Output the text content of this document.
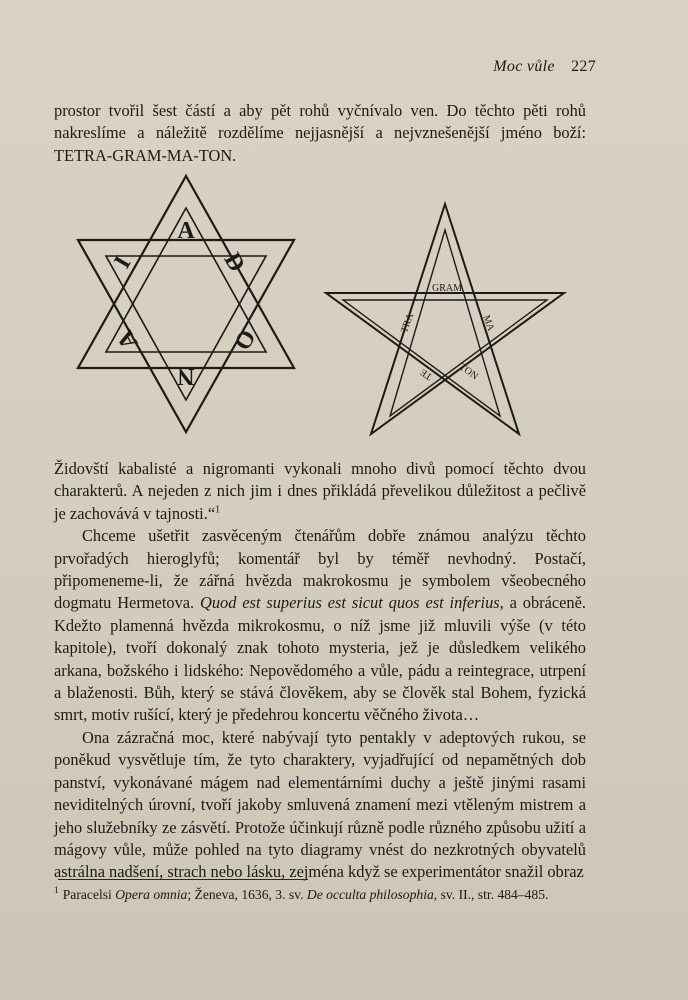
Moc vůle 227

prostor tvořil šest částí a aby pět rohů vyčnívalo ven. Do těchto pěti rohů nakreslíme a náležitě rozdělíme nejjasnější a nejvznešenější jméno boží: TETRA-GRAM-MA-TON.

A
D
O
N
A
I
GRAM
TRA	MA
TON
TE

Židovští kabalisté a nigromanti vykonali mnoho divů pomocí těchto dvou charakterů. A nejeden z nich jim i dnes přikládá převelikou důležitost a pečlivě je zachovává v tajnosti.“$^1$

Chceme ušetřit zasvěceným čtenářům dobře známou analýzu těchto prvořadých hieroglyfů; komentář byl by téměř nevhodný. Postačí, připomeneme-li, že zářná hvězda makrokosmu je symbolem všeobecného dogmatu Hermetova. Quod est superius est sicut quos est inferius, a obráceně. Kdežto plamenná hvězda mikrokosmu, o níž jsme již mluvili výše (v této kapitole), tvoří dokonalý znak tohoto mysteria, jež je důsledkem velikého arkana, božského i lidského: Nepovědomého a vůle, pádu a reintegrace, utrpení a blaženosti. Bůh, který se stává člověkem, aby se člověk stal Bohem, fyzická smrt, motiv rušící, který je předehrou koncertu věčného života…

Ona zázračná moc, které nabývají tyto pentakly v adeptových rukou, se poněkud vysvětluje tím, že tyto charaktery, vyjadřující od nepamětných dob panství, vykonávané mágem nad elementárními duchy a ještě jinými rasami neviditelných úrovní, tvoří jakoby smluvená znamení mezi vtěleným mistrem a jeho služebníky ze zásvětí. Protože účinkují různě podle různého způsobu užití a mágovy vůle, může pohled na tyto diagramy vnést do nezkrotných obyvatelů astrálna nadšení, strach nebo lásku, zejména když se experimentátor snažil obraz

$^1$ Paracelsi Opera omnia; Ženeva, 1636, 3. sv. De occulta philosophia, sv. II., str. 484–485.
